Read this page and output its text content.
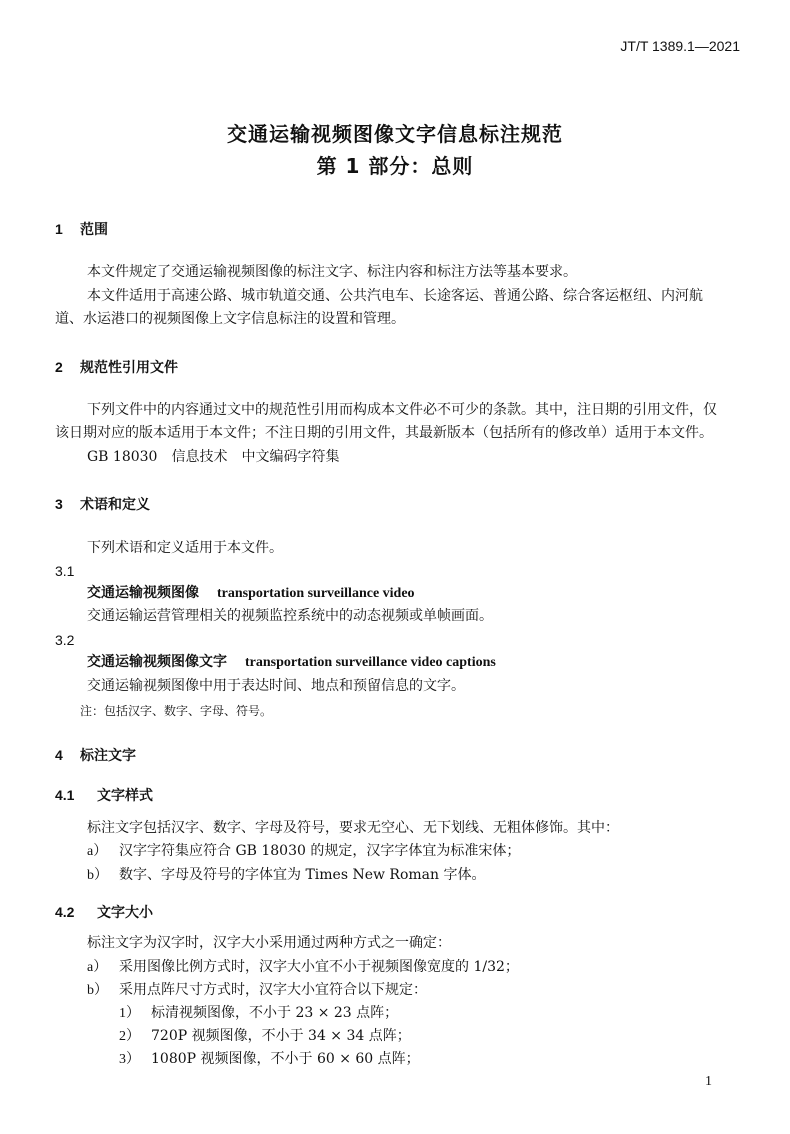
JT/T 1389.1—2021
交通运输视频图像文字信息标注规范
第 1 部分：总则
1 范围
本文件规定了交通运输视频图像的标注文字、标注内容和标注方法等基本要求。
本文件适用于高速公路、城市轨道交通、公共汽电车、长途客运、普通公路、综合客运枢纽、内河航
道、水运港口的视频图像上文字信息标注的设置和管理。
2 规范性引用文件
下列文件中的内容通过文中的规范性引用而构成本文件必不可少的条款。其中，注日期的引用文件，仅
该日期对应的版本适用于本文件；不注日期的引用文件，其最新版本（包括所有的修改单）适用于本文件。
GB 18030　信息技术　中文编码字符集
3 术语和定义
下列术语和定义适用于本文件。
3.1
交通运输视频图像 transportation surveillance video
交通运输运营管理相关的视频监控系统中的动态视频或单帧画面。
3.2
交通运输视频图像文字 transportation surveillance video captions
交通运输视频图像中用于表达时间、地点和预留信息的文字。
注：包括汉字、数字、字母、符号。
4 标注文字
4.1 文字样式
标注文字包括汉字、数字、字母及符号，要求无空心、无下划线、无粗体修饰。其中：
a） 汉字字符集应符合 GB 18030 的规定，汉字字体宜为标准宋体；
b） 数字、字母及符号的字体宜为 Times New Roman 字体。
4.2 文字大小
标注文字为汉字时，汉字大小采用通过两种方式之一确定：
a） 采用图像比例方式时，汉字大小宜不小于视频图像宽度的 1/32；
b） 采用点阵尺寸方式时，汉字大小宜符合以下规定：
1） 标清视频图像，不小于 23 × 23 点阵；
2） 720P 视频图像，不小于 34 × 34 点阵；
3） 1080P 视频图像，不小于 60 × 60 点阵；
1
